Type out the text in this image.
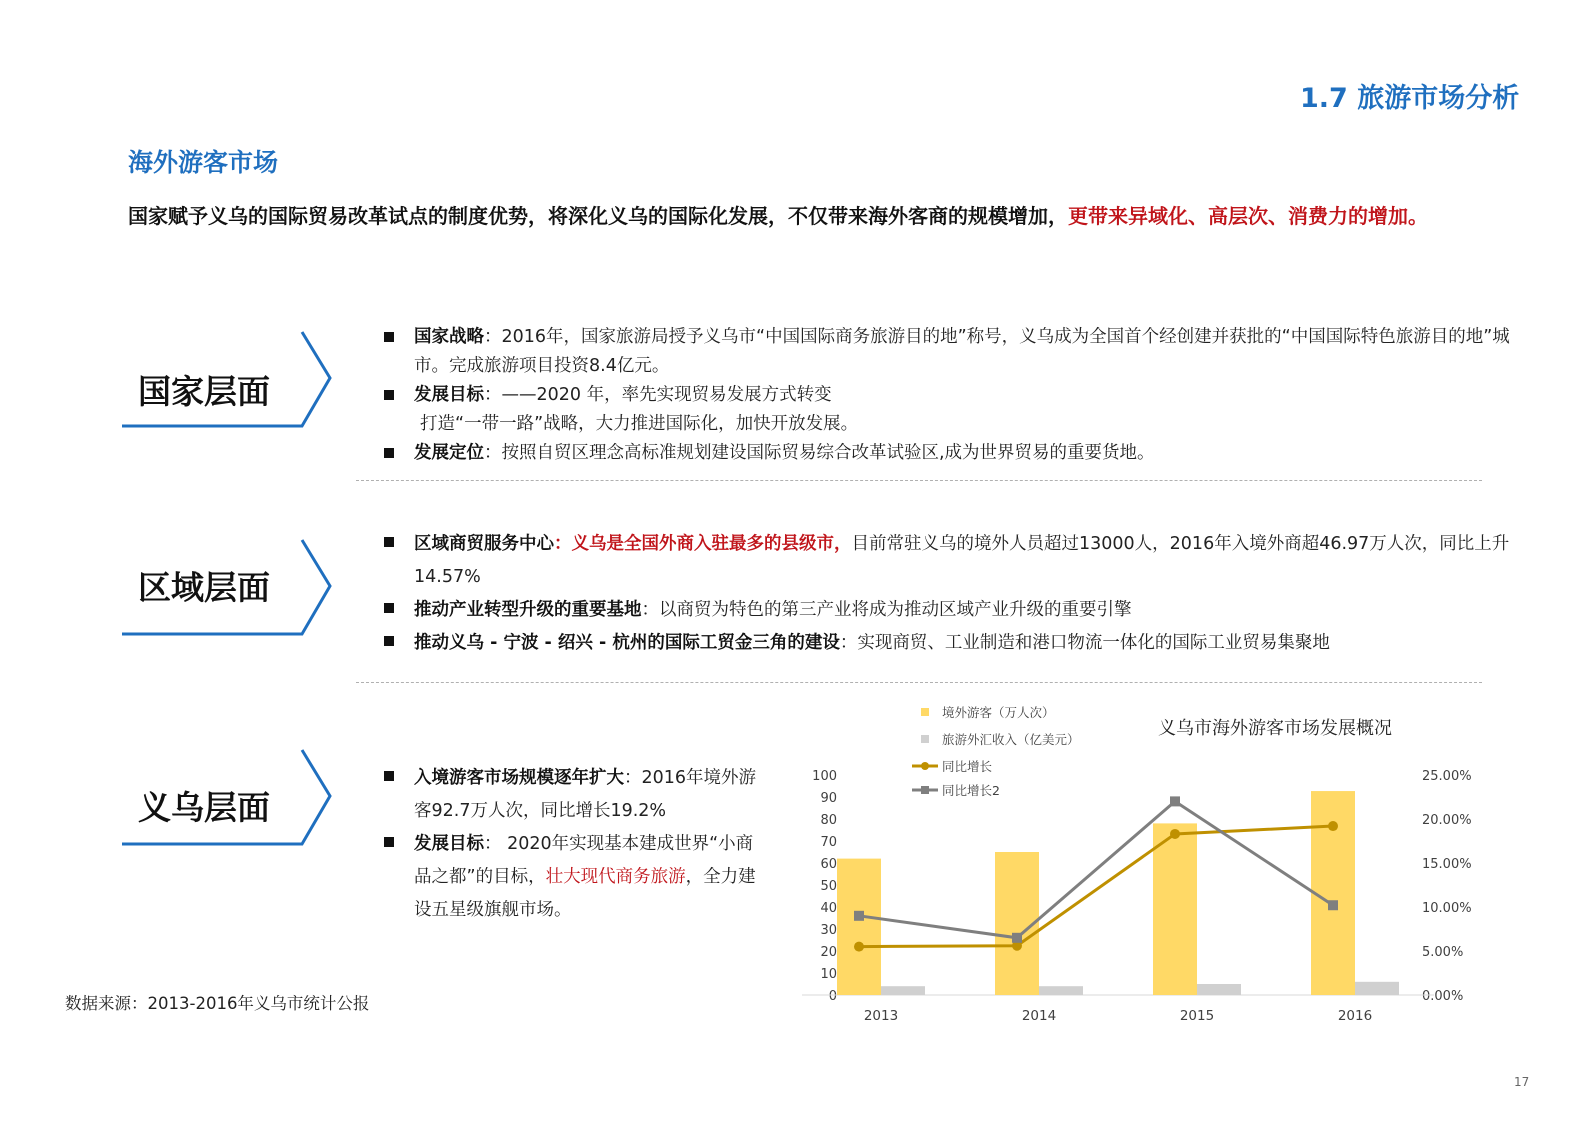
1.7 旅游市场分析
海外游客市场
国家赋予义乌的国际贸易改革试点的制度优势，将深化义乌的国际化发展，不仅带来海外客商的规模增加，更带来异域化、高层次、消费力的增加。
国家层面
国家战略：2016年，国家旅游局授予义乌市“中国国际商务旅游目的地”称号，义乌成为全国首个经创建并获批的“中国国际特色旅游目的地”城市。完成旅游项目投资8.4亿元。
发展目标：——2020 年，率先实现贸易发展方式转变
打造“一带一路”战略，大力推进国际化，加快开放发展。
发展定位：按照自贸区理念高标准规划建设国际贸易综合改革试验区,成为世界贸易的重要货地。
区域层面
区域商贸服务中心：义乌是全国外商入驻最多的县级市，目前常驻义乌的境外人员超过13000人，2016年入境外商超46.97万人次，同比上升14.57%
推动产业转型升级的重要基地：以商贸为特色的第三产业将成为推动区域产业升级的重要引擎
推动义乌 - 宁波 - 绍兴 - 杭州的国际工贸金三角的建设：实现商贸、工业制造和港口物流一体化的国际工业贸易集聚地
义乌层面
入境游客市场规模逐年扩大：2016年境外游客92.7万人次，同比增长19.2%
发展目标： 2020年实现基本建成世界“小商品之都”的目标，壮大现代商务旅游，全力建设五星级旗舰市场。
0
10
20
30
40
50
60
70
80
90
100
0.00%
5.00%
10.00%
15.00%
20.00%
25.00%
2013	2014	2015	2016
义乌市海外游客市场发展概况
境外游客（万人次）
旅游外汇收入（亿美元）
同比增长
同比增长2
数据来源：2013-2016年义乌市统计公报
17
